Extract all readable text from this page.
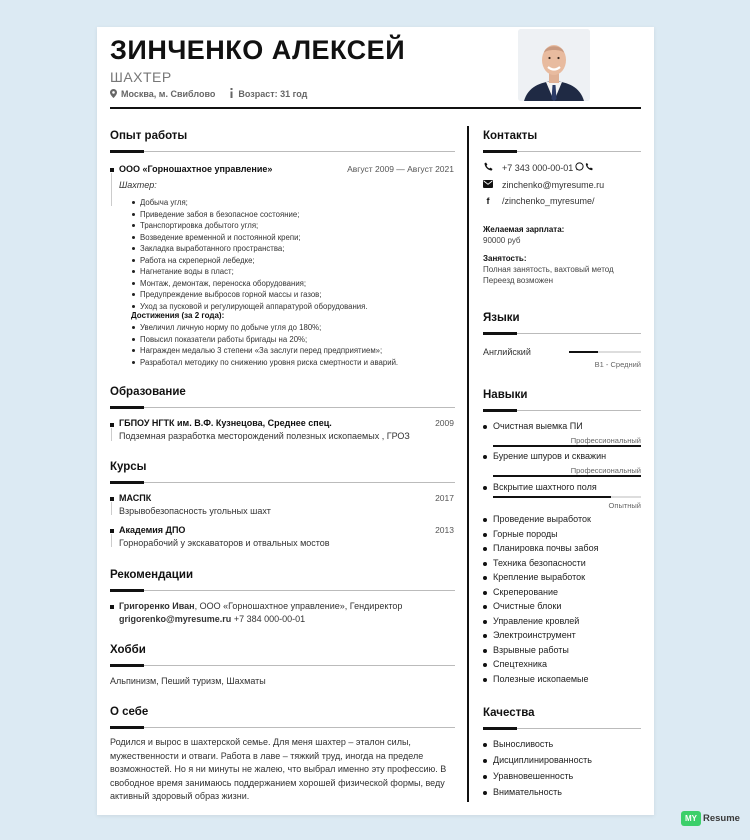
ЗИНЧЕНКО АЛЕКСЕЙ
ШАХТЕР
Москва, м. Свиблово	Возраст: 31 год
Опыт работы
ООО «Горношахтное управление»	Август 2009 — Август 2021
Шахтер:
Добыча угля;
Приведение забоя в безопасное состояние;
Транспортировка добытого угля;
Возведение временной и постоянной крепи;
Закладка выработанного пространства;
Работа на скреперной лебедке;
Нагнетание воды в пласт;
Монтаж, демонтаж, переноска оборудования;
Предупреждение выбросов горной массы и газов;
Уход за пусковой и регулирующей аппаратурой оборудования.
Достижения (за 2 года):
Увеличил личную норму по добыче угля до 180%;
Повысил показатели работы бригады на 20%;
Награжден медалью 3 степени «За заслуги перед предприятием»;
Разработал методику по снижению уровня риска смертности и аварий.
Образование
ГБПОУ НГТК им. В.Ф. Кузнецова, Среднее спец.	2009
Подземная разработка месторождений полезных ископаемых , ГРОЗ
Курсы
МАСПК	2017
Взрывобезопасность угольных шахт
Академия ДПО	2013
Горнорабочий у экскаваторов и отвальных мостов
Рекомендации
Григоренко Иван, ООО «Горношахтное управление», Гендиректор
grigorenko@myresume.ru +7 384 000-00-01
Хобби
Альпинизм, Пеший туризм, Шахматы
О себе
Родился и вырос в шахтерской семье. Для меня шахтер – эталон силы, мужественности и отваги. Работа в лаве – тяжкий труд, иногда на пределе возможностей. Но я ни минуты не жалею, что выбрал именно эту профессию. В свободное время занимаюсь поддержанием хорошей физической формы, веду активный здоровый образ жизни.
Контакты
+7 343 000-00-01
zinchenko@myresume.ru
f	/zinchenko_myresume/
Желаемая зарплата:
90000 руб
Занятость:
Полная занятость, вахтовый метод
Переезд возможен
Языки
Английский
B1 - Средний
Навыки
Очистная выемка ПИ
Профессиональный
Бурение шпуров и скважин
Профессиональный
Вскрытие шахтного поля
Опытный
Проведение выработок
Горные породы
Планировка почвы забоя
Техника безопасности
Крепление выработок
Скреперование
Очистные блоки
Управление кровлей
Электроинструмент
Взрывные работы
Спецтехника
Полезные ископаемые
Качества
Выносливость
Дисциплинированность
Уравновешенность
Внимательность
MY Resume
